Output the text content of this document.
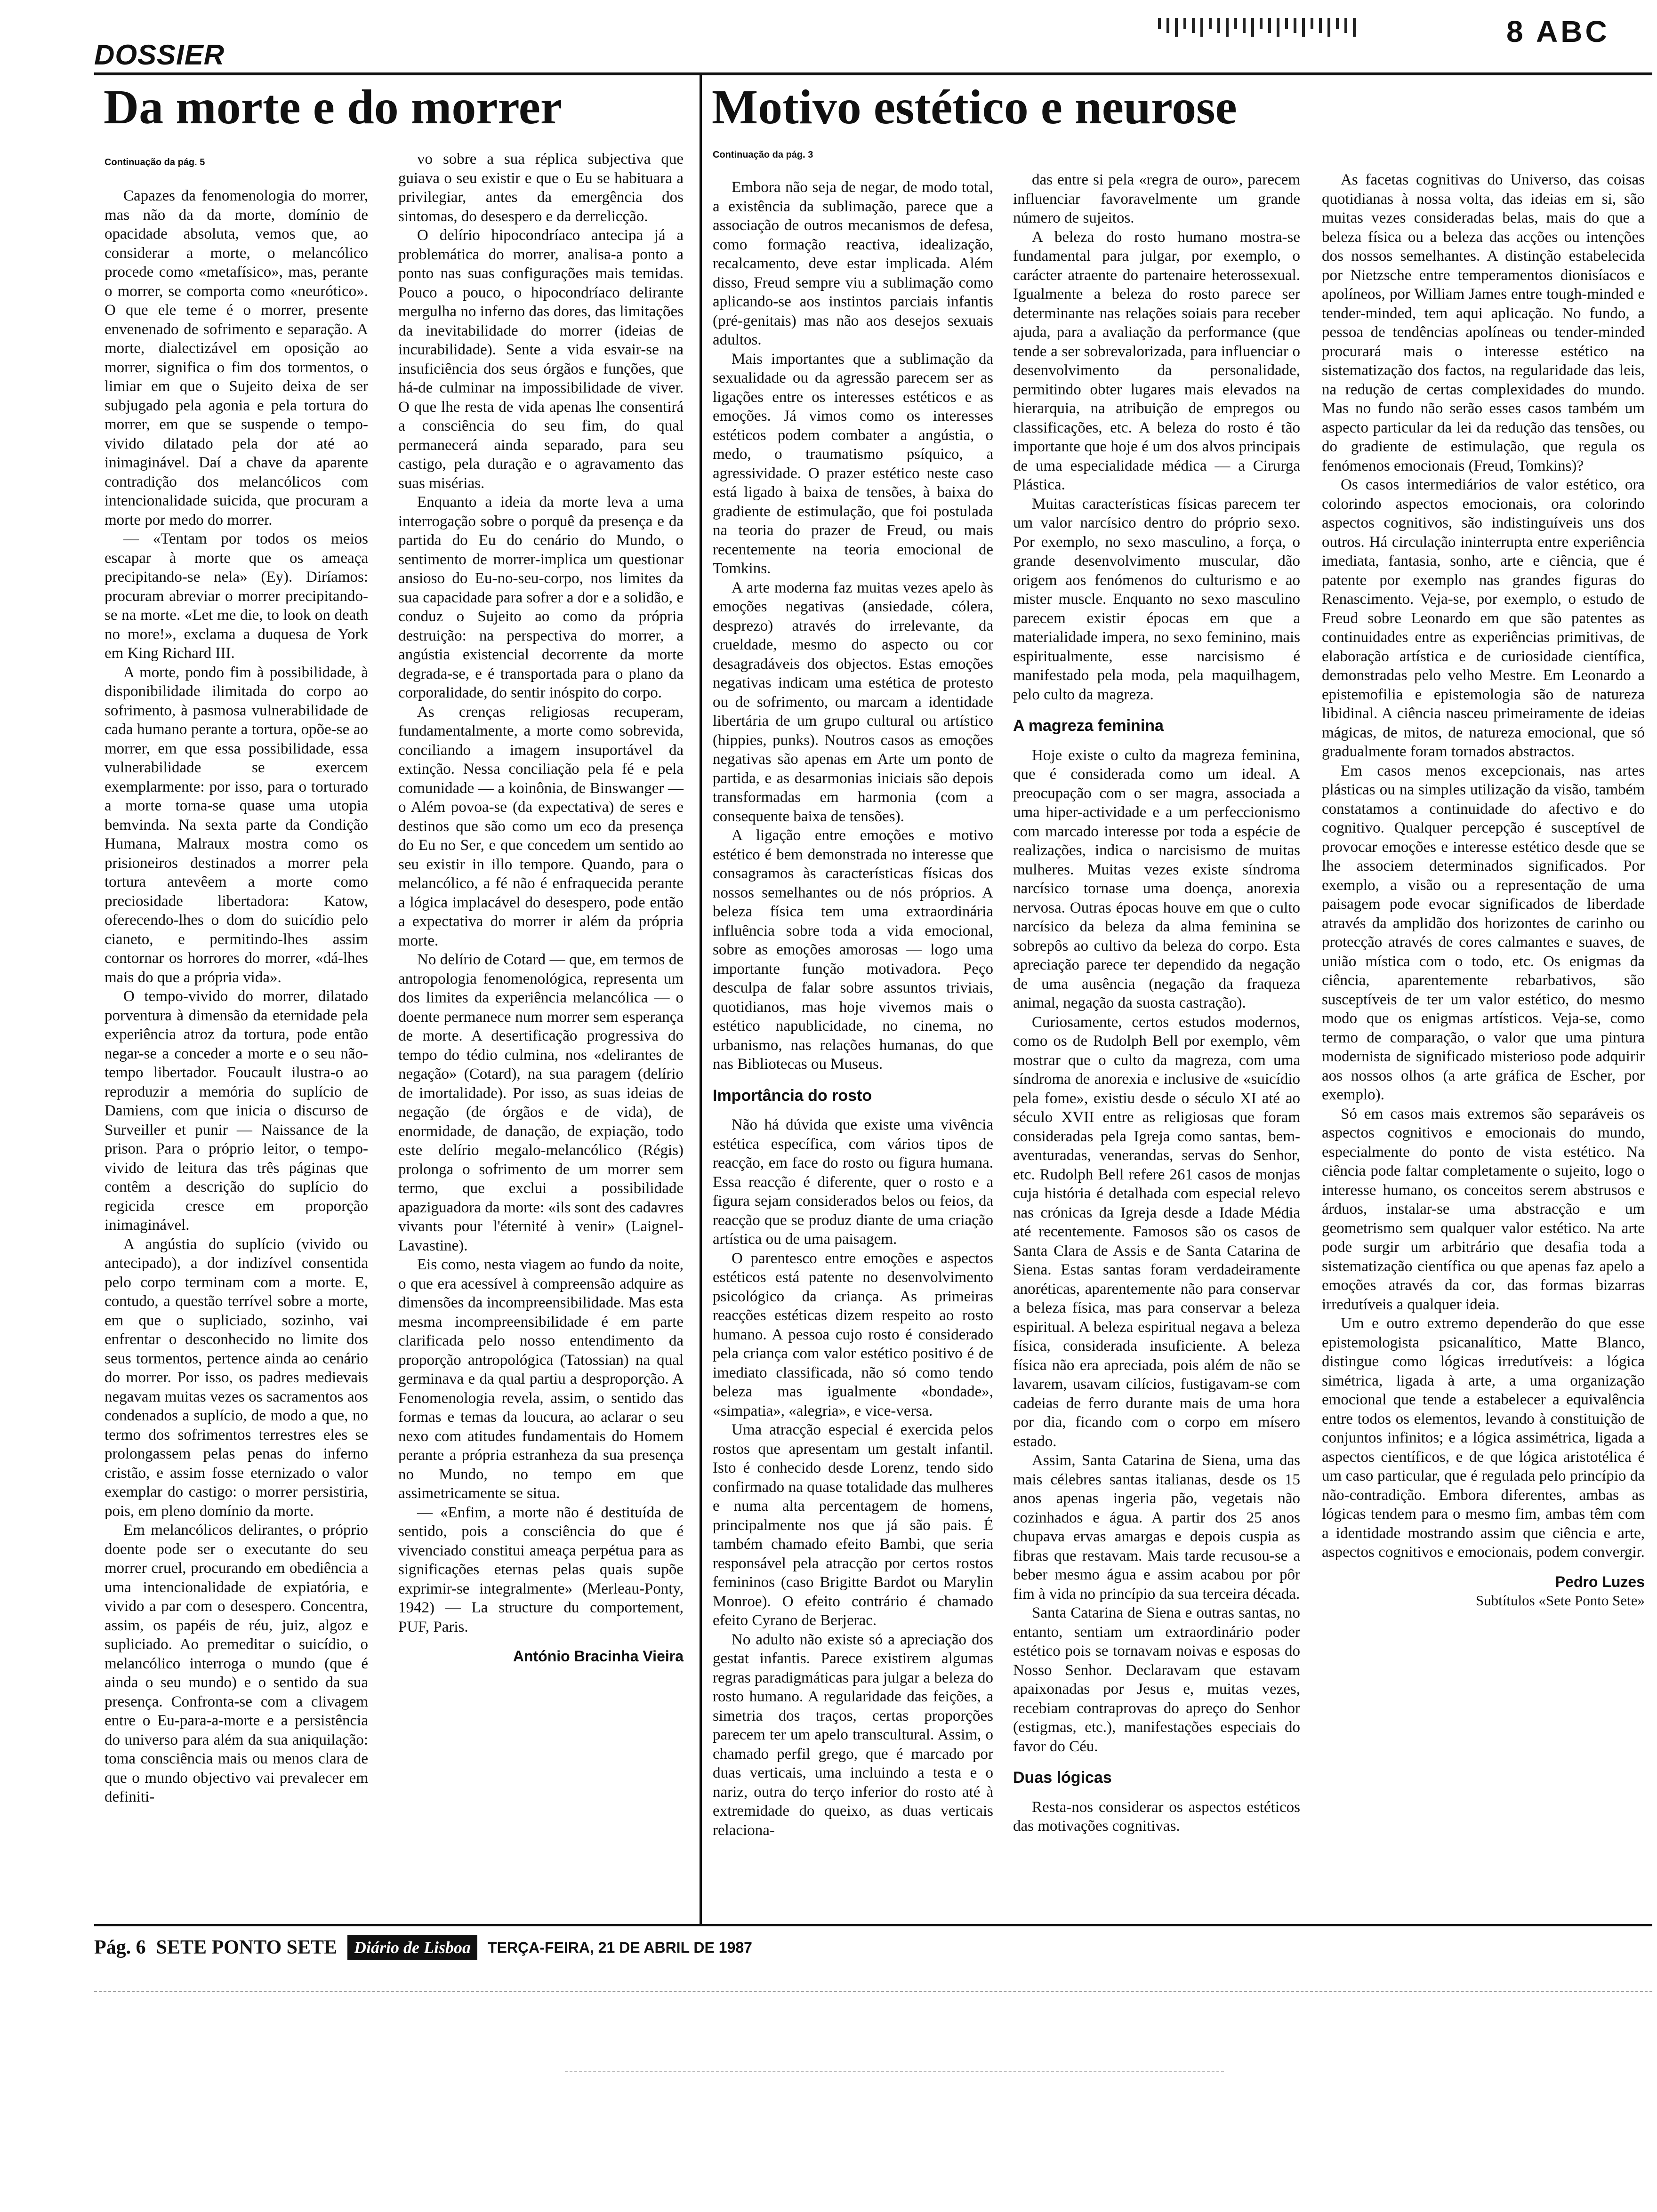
DOSSIER
8 ABC
Da morte e do morrer
Continuação da pág. 5

Capazes da fenomenologia do morrer, mas não da da morte, domínio de opacidade absoluta, vemos que, ao considerar a morte, o melancólico procede como «metafísico», mas, perante o morrer, se comporta como «neurótico». O que ele teme é o morrer, presente envenenado de sofrimento e separação. A morte, dialectizável em oposição ao morrer, significa o fim dos tormentos, o limiar em que o Sujeito deixa de ser subjugado pela agonia e pela tortura do morrer, em que se suspende o tempo-vivido dilatado pela dor até ao inimaginável. Daí a chave da aparente contradição dos melancólicos com intencionalidade suicida, que procuram a morte por medo do morrer.

— «Tentam por todos os meios escapar à morte que os ameaça precipitando-se nela» (Ey). Diríamos: procuram abreviar o morrer precipitando-se na morte. «Let me die, to look on death no more!», exclama a duquesa de York em King Richard III.

A morte, pondo fim à possibilidade, à disponibilidade ilimitada do corpo ao sofrimento, à pasmosa vulnerabilidade de cada humano perante a tortura, opõe-se ao morrer, em que essa possibilidade, essa vulnerabilidade se exercem exemplarmente: por isso, para o torturado a morte torna-se quase uma utopia bemvinda. Na sexta parte da Condição Humana, Malraux mostra como os prisioneiros destinados a morrer pela tortura antevêem a morte como preciosidade libertadora: Katow, oferecendo-lhes o dom do suicídio pelo cianeto, e permitindo-lhes assim contornar os horrores do morrer, «dá-lhes mais do que a própria vida».

O tempo-vivido do morrer, dilatado porventura à dimensão da eternidade pela experiência atroz da tortura, pode então negar-se a conceder a morte e o seu não-tempo libertador. Foucault ilustra-o ao reproduzir a memória do suplício de Damiens, com que inicia o discurso de Surveiller et punir — Naissance de la prison. Para o próprio leitor, o tempo-vivido de leitura das três páginas que contêm a descrição do suplício do regicida cresce em proporção inimaginável.

A angústia do suplício (vivido ou antecipado), a dor indizível consentida pelo corpo terminam com a morte. E, contudo, a questão terrível sobre a morte, em que o supliciado, sozinho, vai enfrentar o desconhecido no limite dos seus tormentos, pertence ainda ao cenário do morrer. Por isso, os padres medievais negavam muitas vezes os sacramentos aos condenados a suplício, de modo a que, no termo dos sofrimentos terrestres eles se prolongassem pelas penas do inferno cristão, e assim fosse eternizado o valor exemplar do castigo: o morrer persistiria, pois, em pleno domínio da morte.

Em melancólicos delirantes, o próprio doente pode ser o executante do seu morrer cruel, procurando em obediência a uma intencionalidade de expiatória, e vivido a par com o desespero. Concentra, assim, os papéis de réu, juiz, algoz e supliciado. Ao premeditar o suicídio, o melancólico interroga o mundo (que é ainda o seu mundo) e o sentido da sua presença. Confronta-se com a clivagem entre o Eu-para-a-morte e a persistência do universo para além da sua aniquilação: toma consciência mais ou menos clara de que o mundo objectivo vai prevalecer em definiti-

vo sobre a sua réplica subjectiva que guiava o seu existir e que o Eu se habituara a privilegiar, antes da emergência dos sintomas, do desespero e da derrelicção.

O delírio hipocondríaco antecipa já a problemática do morrer, analisa-a ponto a ponto nas suas configurações mais temidas. Pouco a pouco, o hipocondríaco delirante mergulha no inferno das dores, das limitações da inevitabilidade do morrer (ideias de incurabilidade). Sente a vida esvair-se na insuficiência dos seus órgãos e funções, que há-de culminar na impossibilidade de viver. O que lhe resta de vida apenas lhe consentirá a consciência do seu fim, do qual permanecerá ainda separado, para seu castigo, pela duração e o agravamento das suas misérias.

Enquanto a ideia da morte leva a uma interrogação sobre o porquê da presença e da partida do Eu do cenário do Mundo, o sentimento de morrer-implica um questionar ansioso do Eu-no-seu-corpo, nos limites da sua capacidade para sofrer a dor e a solidão, e conduz o Sujeito ao como da própria destruição: na perspectiva do morrer, a angústia existencial decorrente da morte degrada-se, e é transportada para o plano da corporalidade, do sentir inóspito do corpo.

As crenças religiosas recuperam, fundamentalmente, a morte como sobrevida, conciliando a imagem insuportável da extinção. Nessa conciliação pela fé e pela comunidade — a koinônia, de Binswanger — o Além povoa-se (da expectativa) de seres e destinos que são como um eco da presença do Eu no Ser, e que concedem um sentido ao seu existir in illo tempore. Quando, para o melancólico, a fé não é enfraquecida perante a lógica implacável do desespero, pode então a expectativa do morrer ir além da própria morte.

No delírio de Cotard — que, em termos de antropologia fenomenológica, representa um dos limites da experiência melancólica — o doente permanece num morrer sem esperança de morte. A desertificação progressiva do tempo do tédio culmina, nos «delirantes de negação» (Cotard), na sua paragem (delírio de imortalidade). Por isso, as suas ideias de negação (de órgãos e de vida), de enormidade, de danação, de expiação, todo este delírio megalo-melancólico (Régis) prolonga o sofrimento de um morrer sem termo, que exclui a possibilidade apaziguadora da morte: «ils sont des cadavres vivants pour l'éternité à venir» (Laignel-Lavastine).

Eis como, nesta viagem ao fundo da noite, o que era acessível à compreensão adquire as dimensões da incompreensibilidade. Mas esta mesma incompreensibilidade é em parte clarificada pelo nosso entendimento da proporção antropológica (Tatossian) na qual germinava e da qual partiu a desproporção. A Fenomenologia revela, assim, o sentido das formas e temas da loucura, ao aclarar o seu nexo com atitudes fundamentais do Homem perante a própria estranheza da sua presença no Mundo, no tempo em que assimetricamente se situa.

— «Enfim, a morte não é destituída de sentido, pois a consciência do que é vivenciado constitui ameaça perpétua para as significações eternas pelas quais supõe exprimir-se integralmente» (Merleau-Ponty, 1942) — La structure du comportement, PUF, Paris.

António Bracinha Vieira
Motivo estético e neurose
Continuação da pág. 3

Embora não seja de negar, de modo total, a existência da sublimação, parece que a associação de outros mecanismos de defesa, como formação reactiva, idealização, recalcamento, deve estar implicada. Além disso, Freud sempre viu a sublimação como aplicando-se aos instintos parciais infantis (pré-genitais) mas não aos desejos sexuais adultos.

Mais importantes que a sublimação da sexualidade ou da agressão parecem ser as ligações entre os interesses estéticos e as emoções. Já vimos como os interesses estéticos podem combater a angústia, o medo, o traumatismo psíquico, a agressividade. O prazer estético neste caso está ligado à baixa de tensões, à baixa do gradiente de estimulação, que foi postulada na teoria do prazer de Freud, ou mais recentemente na teoria emocional de Tomkins.

A arte moderna faz muitas vezes apelo às emoções negativas (ansiedade, cólera, desprezo) através do irrelevante, da crueldade, mesmo do aspecto ou cor desagradáveis dos objectos. Estas emoções negativas indicam uma estética de protesto ou de sofrimento, ou marcam a identidade libertária de um grupo cultural ou artístico (hippies, punks). Noutros casos as emoções negativas são apenas em Arte um ponto de partida, e as desarmonias iniciais são depois transformadas em harmonia (com a consequente baixa de tensões).

A ligação entre emoções e motivo estético é bem demonstrada no interesse que consagramos às características físicas dos nossos semelhantes ou de nós próprios. A beleza física tem uma extraordinária influência sobre toda a vida emocional, sobre as emoções amorosas — logo uma importante função motivadora. Peço desculpa de falar sobre assuntos triviais, quotidianos, mas hoje vivemos mais o estético napublicidade, no cinema, no urbanismo, nas relações humanas, do que nas Bibliotecas ou Museus.

Importância do rosto

Não há dúvida que existe uma vivência estética específica, com vários tipos de reacção, em face do rosto ou figura humana. Essa reacção é diferente, quer o rosto e a figura sejam considerados belos ou feios, da reacção que se produz diante de uma criação artística ou de uma paisagem.

O parentesco entre emoções e aspectos estéticos está patente no desenvolvimento psicológico da criança. As primeiras reacções estéticas dizem respeito ao rosto humano. A pessoa cujo rosto é considerado pela criança com valor estético positivo é de imediato classificada, não só como tendo beleza mas igualmente «bondade», «simpatia», «alegria», e vice-versa.

Uma atracção especial é exercida pelos rostos que apresentam um gestalt infantil. Isto é conhecido desde Lorenz, tendo sido confirmado na quase totalidade das mulheres e numa alta percentagem de homens, principalmente nos que já são pais. É também chamado efeito Bambi, que seria responsável pela atracção por certos rostos femininos (caso Brigitte Bardot ou Marylin Monroe). O efeito contrário é chamado efeito Cyrano de Berjerac.

No adulto não existe só a apreciação dos gestat infantis. Parece existirem algumas regras paradigmáticas para julgar a beleza do rosto humano. A regularidade das feições, a simetria dos traços, certas proporções parecem ter um apelo transcultural. Assim, o chamado perfil grego, que é marcado por duas verticais, uma incluindo a testa e o nariz, outra do terço inferior do rosto até à extremidade do queixo, as duas verticais relaciona-

das entre si pela «regra de ouro», parecem influenciar favoravelmente um grande número de sujeitos.

A beleza do rosto humano mostra-se fundamental para julgar, por exemplo, o carácter atraente do partenaire heterossexual. Igualmente a beleza do rosto parece ser determinante nas relações soiais para receber ajuda, para a avaliação da performance (que tende a ser sobrevalorizada, para influenciar o desenvolvimento da personalidade, permitindo obter lugares mais elevados na hierarquia, na atribuição de empregos ou classificações, etc. A beleza do rosto é tão importante que hoje é um dos alvos principais de uma especialidade médica — a Cirurga Plástica.

Muitas características físicas parecem ter um valor narcísico dentro do próprio sexo. Por exemplo, no sexo masculino, a força, o grande desenvolvimento muscular, dão origem aos fenómenos do culturismo e ao mister muscle. Enquanto no sexo masculino parecem existir épocas em que a materialidade impera, no sexo feminino, mais espiritualmente, esse narcisismo é manifestado pela moda, pela maquilhagem, pelo culto da magreza.

A magreza feminina

Hoje existe o culto da magreza feminina, que é considerada como um ideal. A preocupação com o ser magra, associada a uma hiper-actividade e a um perfeccionismo com marcado interesse por toda a espécie de realizações, indica o narcisismo de muitas mulheres. Muitas vezes existe síndroma narcísico tornase uma doença, anorexia nervosa. Outras épocas houve em que o culto narcísico da beleza da alma feminina se sobrepôs ao cultivo da beleza do corpo. Esta apreciação parece ter dependido da negação de uma ausência (negação da fraqueza animal, negação da suosta castração).

Curiosamente, certos estudos modernos, como os de Rudolph Bell por exemplo, vêm mostrar que o culto da magreza, com uma síndroma de anorexia e inclusive de «suicídio pela fome», existiu desde o século XI até ao século XVII entre as religiosas que foram consideradas pela Igreja como santas, bem-aventuradas, venerandas, servas do Senhor, etc. Rudolph Bell refere 261 casos de monjas cuja história é detalhada com especial relevo nas crónicas da Igreja desde a Idade Média até recentemente. Famosos são os casos de Santa Clara de Assis e de Santa Catarina de Siena. Estas santas foram verdadeiramente anoréticas, aparentemente não para conservar a beleza física, mas para conservar a beleza espiritual. A beleza espiritual negava a beleza física, considerada insuficiente. A beleza física não era apreciada, pois além de não se lavarem, usavam cilícios, fustigavam-se com cadeias de ferro durante mais de uma hora por dia, ficando com o corpo em mísero estado.

Assim, Santa Catarina de Siena, uma das mais célebres santas italianas, desde os 15 anos apenas ingeria pão, vegetais não cozinhados e água. A partir dos 25 anos chupava ervas amargas e depois cuspia as fibras que restavam. Mais tarde recusou-se a beber mesmo água e assim acabou por pôr fim à vida no princípio da sua terceira década.

Santa Catarina de Siena e outras santas, no entanto, sentiam um extraordinário poder estético pois se tornavam noivas e esposas do Nosso Senhor. Declaravam que estavam apaixonadas por Jesus e, muitas vezes, recebiam contraprovas do apreço do Senhor (estigmas, etc.), manifestações especiais do favor do Céu.

Duas lógicas

Resta-nos considerar os aspectos estéticos das motivações cognitivas.

As facetas cognitivas do Universo, das coisas quotidianas à nossa volta, das ideias em si, são muitas vezes consideradas belas, mais do que a beleza física ou a beleza das acções ou intenções dos nossos semelhantes. A distinção estabelecida por Nietzsche entre temperamentos dionisíacos e apolíneos, por William James entre tough-minded e tender-minded, tem aqui aplicação. No fundo, a pessoa de tendências apolíneas ou tender-minded procurará mais o interesse estético na sistematização dos factos, na regularidade das leis, na redução de certas complexidades do mundo. Mas no fundo não serão esses casos também um aspecto particular da lei da redução das tensões, ou do gradiente de estimulação, que regula os fenómenos emocionais (Freud, Tomkins)?

Os casos intermediários de valor estético, ora colorindo aspectos emocionais, ora colorindo aspectos cognitivos, são indistinguíveis uns dos outros. Há circulação ininterrupta entre experiência imediata, fantasia, sonho, arte e ciência, que é patente por exemplo nas grandes figuras do Renascimento. Veja-se, por exemplo, o estudo de Freud sobre Leonardo em que são patentes as continuidades entre as experiências primitivas, de elaboração artística e de curiosidade científica, demonstradas pelo velho Mestre. Em Leonardo a epistemofilia e epistemologia são de natureza libidinal. A ciência nasceu primeiramente de ideias mágicas, de mitos, de natureza emocional, que só gradualmente foram tornados abstractos.

Em casos menos excepcionais, nas artes plásticas ou na simples utilização da visão, também constatamos a continuidade do afectivo e do cognitivo. Qualquer percepção é susceptível de provocar emoções e interesse estético desde que se lhe associem determinados significados. Por exemplo, a visão ou a representação de uma paisagem pode evocar significados de liberdade através da amplidão dos horizontes de carinho ou protecção através de cores calmantes e suaves, de união mística com o todo, etc. Os enigmas da ciência, aparentemente rebarbativos, são susceptíveis de ter um valor estético, do mesmo modo que os enigmas artísticos. Veja-se, como termo de comparação, o valor que uma pintura modernista de significado misterioso pode adquirir aos nossos olhos (a arte gráfica de Escher, por exemplo).

Só em casos mais extremos são separáveis os aspectos cognitivos e emocionais do mundo, especialmente do ponto de vista estético. Na ciência pode faltar completamente o sujeito, logo o interesse humano, os conceitos serem abstrusos e árduos, instalar-se uma abstracção e um geometrismo sem qualquer valor estético. Na arte pode surgir um arbitrário que desafia toda a sistematização científica ou que apenas faz apelo a emoções através da cor, das formas bizarras irredutíveis a qualquer ideia.

Um e outro extremo dependerão do que esse epistemologista psicanalítico, Matte Blanco, distingue como lógicas irredutíveis: a lógica simétrica, ligada à arte, a uma organização emocional que tende a estabelecer a equivalência entre todos os elementos, levando à constituição de conjuntos infinitos; e a lógica assimétrica, ligada a aspectos científicos, e de que lógica aristotélica é um caso particular, que é regulada pelo princípio da não-contradição. Embora diferentes, ambas as lógicas tendem para o mesmo fim, ambas têm com a identidade mostrando assim que ciência e arte, aspectos cognitivos e emocionais, podem convergir.

Pedro Luzes
Subtítulos «Sete Ponto Sete»
Pág. 6 SETE PONTO SETE	Diário de Lisboa	TERÇA-FEIRA, 21 DE ABRIL DE 1987
